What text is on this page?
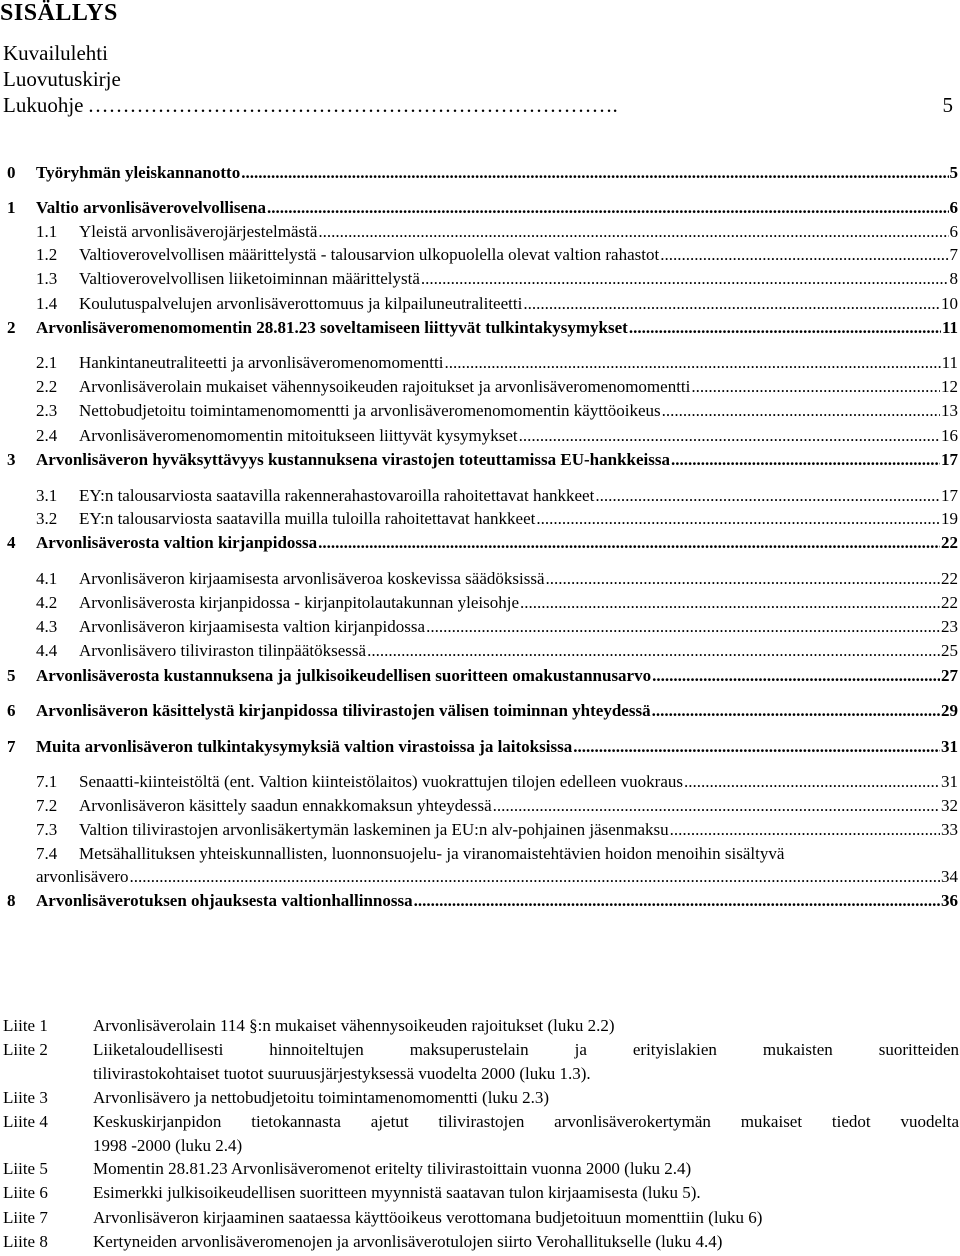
SISÄLLYS
Kuvailulehti
Luovutuskirje
Lukuohje ………………………………………………………………….	5
0 Työryhmän yleiskannanotto .....	5
1 Valtio arvonlisäverovelvollisena .....	6
1.1 Yleistä arvonlisäverojärjestelmästä .....	6
1.2 Valtioverovelvollisen määrittelystä - talousarvion ulkopuolella olevat valtion rahastot .....	7
1.3 Valtioverovelvollisen liiketoiminnan määrittelystä .....	8
1.4 Koulutuspalvelujen arvonlisäverottomuus ja kilpailuneutraliteetti .....	10
2 Arvonlisäveromenomomentin 28.81.23 soveltamiseen liittyvät tulkintakysymykset .....	11
2.1 Hankintaneutraliteetti ja arvonlisäveromenomomentti .....	11
2.2 Arvonlisäverolain mukaiset vähennysoikeuden rajoitukset ja arvonlisäveromenomomentti .....	12
2.3 Nettobudjetoitu toimintamenomomentti ja arvonlisäveromenomomentin käyttöoikeus .....	13
2.4 Arvonlisäveromenomomentin mitoitukseen liittyvät kysymykset .....	16
3 Arvonlisäveron hyväksyttävyys kustannuksena virastojen toteuttamissa EU-hankkeissa .....	17
3.1 EY:n talousarviosta saatavilla rakennerahastovaroilla rahoitettavat hankkeet .....	17
3.2 EY:n talousarviosta saatavilla muilla tuloilla rahoitettavat hankkeet .....	19
4 Arvonlisäverosta valtion kirjanpidossa .....	22
4.1 Arvonlisäveron kirjaamisesta arvonlisäveroa koskevissa säädöksissä .....	22
4.2 Arvonlisäverosta kirjanpidossa - kirjanpitolautakunnan yleisohje .....	22
4.3 Arvonlisäveron kirjaamisesta valtion kirjanpidossa .....	23
4.4 Arvonlisävero tiliviraston tilinpäätöksessä .....	25
5 Arvonlisäverosta kustannuksena ja julkisoikeudellisen suoritteen omakustannusarvo .....	27
6 Arvonlisäveron käsittelystä kirjanpidossa tilivirastojen välisen toiminnan yhteydessä .....	29
7 Muita arvonlisäveron tulkintakysymyksiä valtion virastoissa ja laitoksissa .....	31
7.1 Senaatti-kiinteistöltä (ent. Valtion kiinteistölaitos) vuokrattujen tilojen edelleen vuokraus .....	31
7.2 Arvonlisäveron käsittely saadun ennakkomaksun yhteydessä .....	32
7.3 Valtion tilivirastojen arvonlisäkertymän laskeminen ja EU:n alv-pohjainen jäsenmaksu .....	33
7.4 Metsähallituksen yhteiskunnallisten, luonnonsuojelu- ja viranomaistehtävien hoidon menoihin sisältyvä
arvonlisävero .....	34
8 Arvonlisäverotuksen ohjauksesta valtionhallinnossa .....	36
Liite 1	Arvonlisäverolain 114 §:n mukaiset vähennysoikeuden rajoitukset (luku 2.2)
Liite 2	Liiketaloudellisesti hinnoiteltujen maksuperustelain ja erityislakien mukaisten suoritteiden
tilivirastokohtaiset tuotot suuruusjärjestyksessä vuodelta 2000 (luku 1.3).
Liite 3	Arvonlisävero ja nettobudjetoitu toimintamenomomentti (luku 2.3)
Liite 4	Keskuskirjanpidon tietokannasta ajetut tilivirastojen arvonlisäverokertymän mukaiset tiedot vuodelta
1998 -2000 (luku 2.4)
Liite 5	Momentin 28.81.23 Arvonlisäveromenot eritelty tilivirastoittain vuonna 2000 (luku 2.4)
Liite 6	Esimerkki julkisoikeudellisen suoritteen myynnistä saatavan tulon kirjaamisesta (luku 5).
Liite 7	Arvonlisäveron kirjaaminen saataessa käyttöoikeus verottomana budjetoituun momenttiin (luku 6)
Liite 8	Kertyneiden arvonlisäveromenojen ja arvonlisäverotulojen siirto Verohallitukselle (luku 4.4)
